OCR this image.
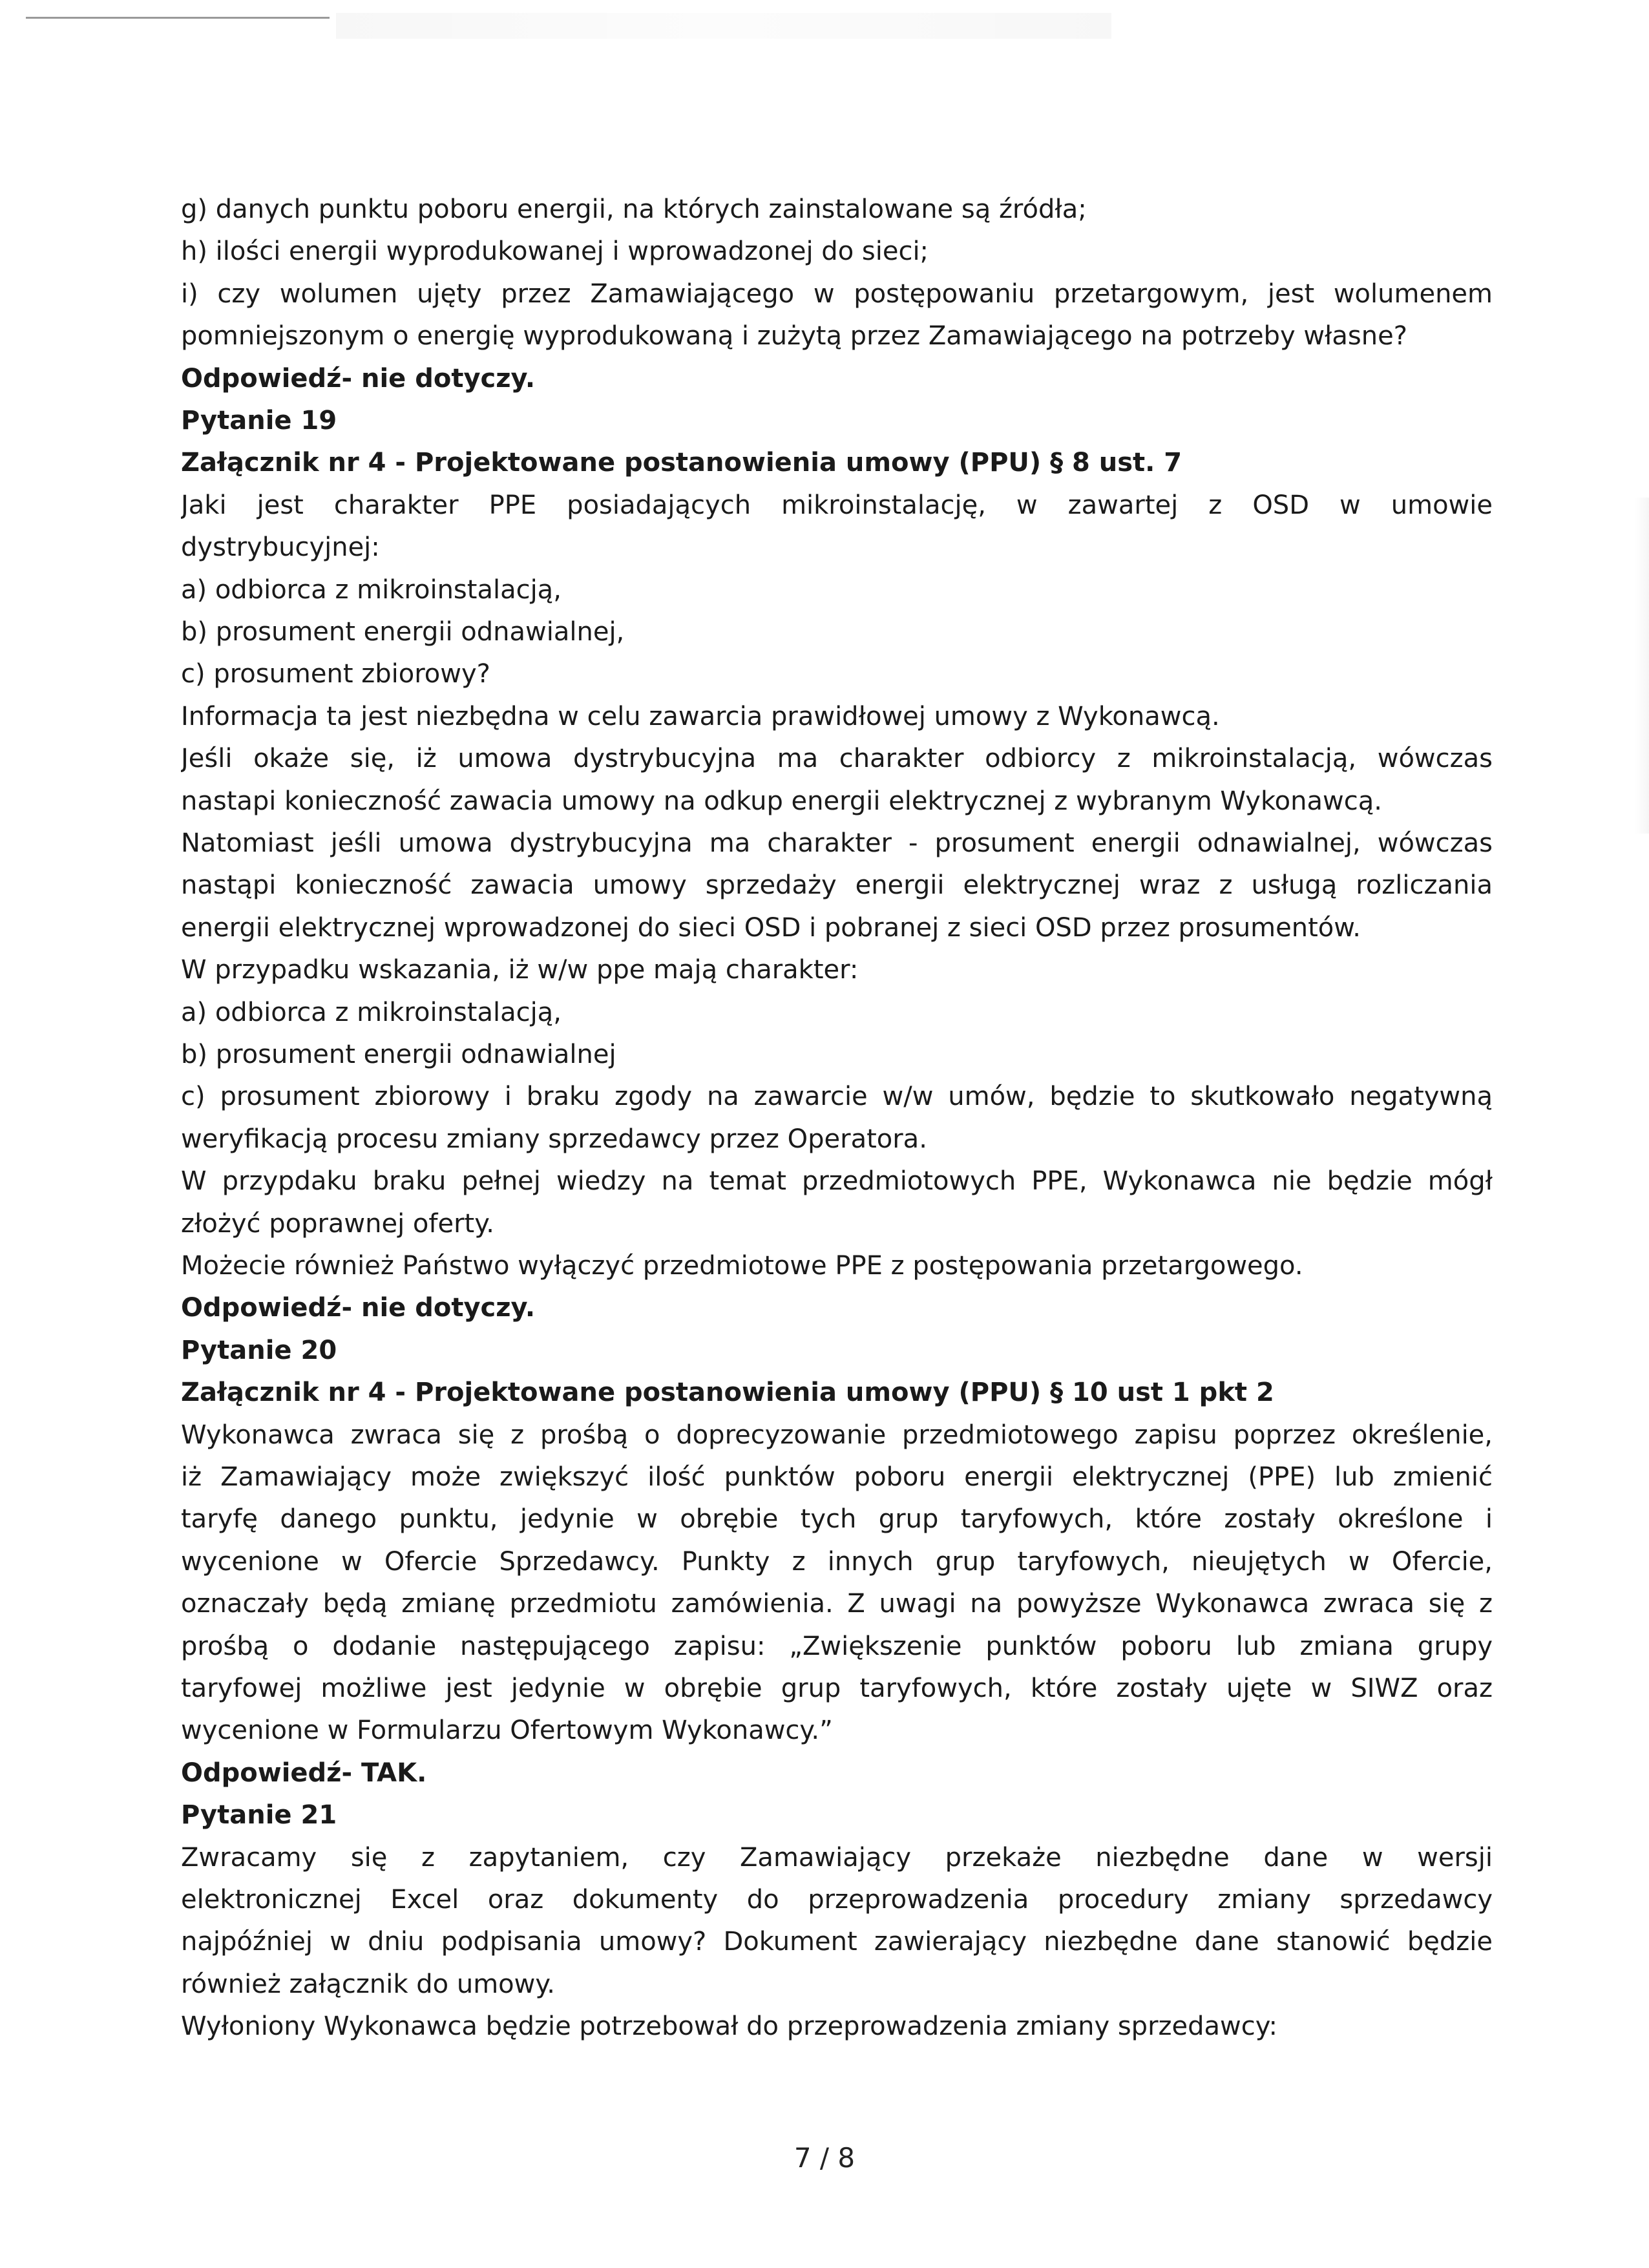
g) danych punktu poboru energii, na których zainstalowane są źródła;
h) ilości energii wyprodukowanej i wprowadzonej do sieci;
i) czy wolumen ujęty przez Zamawiającego w postępowaniu przetargowym, jest wolumenem
pomniejszonym o energię wyprodukowaną i zużytą przez Zamawiającego na potrzeby własne?
Odpowiedź- nie dotyczy.
Pytanie 19
Załącznik nr 4 - Projektowane postanowienia umowy (PPU) § 8 ust. 7
Jaki jest charakter PPE posiadających mikroinstalację, w zawartej z OSD w umowie
dystrybucyjnej:
a) odbiorca z mikroinstalacją,
b) prosument energii odnawialnej,
c) prosument zbiorowy?
Informacja ta jest niezbędna w celu zawarcia prawidłowej umowy z Wykonawcą.
Jeśli okaże się, iż umowa dystrybucyjna ma charakter odbiorcy z mikroinstalacją, wówczas
nastapi konieczność zawacia umowy na odkup energii elektrycznej z wybranym Wykonawcą.
Natomiast jeśli umowa dystrybucyjna ma charakter - prosument energii odnawialnej, wówczas
nastąpi konieczność zawacia umowy sprzedaży energii elektrycznej wraz z usługą rozliczania
energii elektrycznej wprowadzonej do sieci OSD i pobranej z sieci OSD przez prosumentów.
W przypadku wskazania, iż w/w ppe mają charakter:
a) odbiorca z mikroinstalacją,
b) prosument energii odnawialnej
c) prosument zbiorowy i braku zgody na zawarcie w/w umów, będzie to skutkowało negatywną
weryfikacją procesu zmiany sprzedawcy przez Operatora.
W przypdaku braku pełnej wiedzy na temat przedmiotowych PPE, Wykonawca nie będzie mógł
złożyć poprawnej oferty.
Możecie również Państwo wyłączyć przedmiotowe PPE z postępowania przetargowego.
Odpowiedź- nie dotyczy.
Pytanie 20
Załącznik nr 4 - Projektowane postanowienia umowy (PPU) § 10 ust 1 pkt 2
Wykonawca zwraca się z prośbą o doprecyzowanie przedmiotowego zapisu poprzez określenie,
iż Zamawiający może zwiększyć ilość punktów poboru energii elektrycznej (PPE) lub zmienić
taryfę danego punktu, jedynie w obrębie tych grup taryfowych, które zostały określone i
wycenione w Ofercie Sprzedawcy. Punkty z innych grup taryfowych, nieujętych w Ofercie,
oznaczały będą zmianę przedmiotu zamówienia. Z uwagi na powyższe Wykonawca zwraca się z
prośbą o dodanie następującego zapisu: „Zwiększenie punktów poboru lub zmiana grupy
taryfowej możliwe jest jedynie w obrębie grup taryfowych, które zostały ujęte w SIWZ oraz
wycenione w Formularzu Ofertowym Wykonawcy.”
Odpowiedź- TAK.
Pytanie 21
Zwracamy się z zapytaniem, czy Zamawiający przekaże niezbędne dane w wersji
elektronicznej Excel oraz dokumenty do przeprowadzenia procedury zmiany sprzedawcy
najpóźniej w dniu podpisania umowy? Dokument zawierający niezbędne dane stanowić będzie
również załącznik do umowy.
Wyłoniony Wykonawca będzie potrzebował do przeprowadzenia zmiany sprzedawcy:
7 / 8
